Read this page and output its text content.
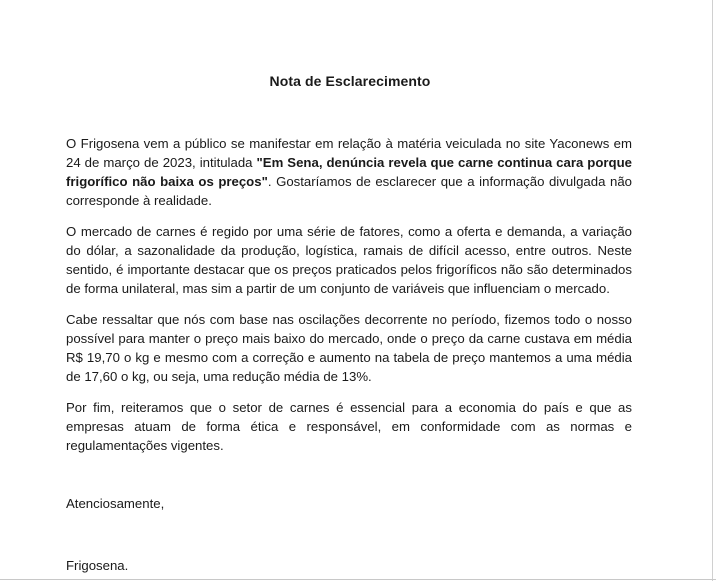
Nota de Esclarecimento
O Frigosena vem a público se manifestar em relação à matéria veiculada no site Yaconews em 24 de março de 2023, intitulada "Em Sena, denúncia revela que carne continua cara porque frigorífico não baixa os preços". Gostaríamos de esclarecer que a informação divulgada não corresponde à realidade.
O mercado de carnes é regido por uma série de fatores, como a oferta e demanda, a variação do dólar, a sazonalidade da produção, logística, ramais de difícil acesso, entre outros. Neste sentido, é importante destacar que os preços praticados pelos frigoríficos não são determinados de forma unilateral, mas sim a partir de um conjunto de variáveis que influenciam o mercado.
Cabe ressaltar que nós com base nas oscilações decorrente no período, fizemos todo o nosso possível para manter o preço mais baixo do mercado, onde o preço da carne custava em média R$ 19,70 o kg e mesmo com a correção e aumento na tabela de preço mantemos a uma média de 17,60 o kg, ou seja, uma redução média de 13%.
Por fim, reiteramos que o setor de carnes é essencial para a economia do país e que as empresas atuam de forma ética e responsável, em conformidade com as normas e regulamentações vigentes.
Atenciosamente,
Frigosena.
